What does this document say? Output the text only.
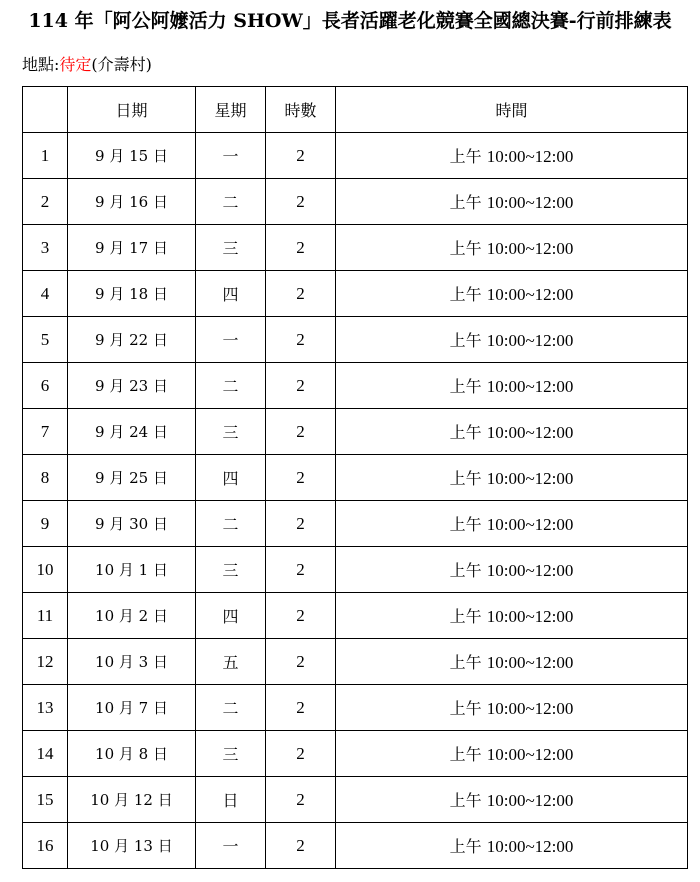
114 年「阿公阿嬤活力 SHOW」長者活躍老化競賽全國總決賽-行前排練表
地點:待定(介壽村)
	日期	星期	時數	時間
1	9 月 15 日	一	2	上午 10:00~12:00
2	9 月 16 日	二	2	上午 10:00~12:00
3	9 月 17 日	三	2	上午 10:00~12:00
4	9 月 18 日	四	2	上午 10:00~12:00
5	9 月 22 日	一	2	上午 10:00~12:00
6	9 月 23 日	二	2	上午 10:00~12:00
7	9 月 24 日	三	2	上午 10:00~12:00
8	9 月 25 日	四	2	上午 10:00~12:00
9	9 月 30 日	二	2	上午 10:00~12:00
10	10 月 1 日	三	2	上午 10:00~12:00
11	10 月 2 日	四	2	上午 10:00~12:00
12	10 月 3 日	五	2	上午 10:00~12:00
13	10 月 7 日	二	2	上午 10:00~12:00
14	10 月 8 日	三	2	上午 10:00~12:00
15	10 月 12 日	日	2	上午 10:00~12:00
16	10 月 13 日	一	2	上午 10:00~12:00
